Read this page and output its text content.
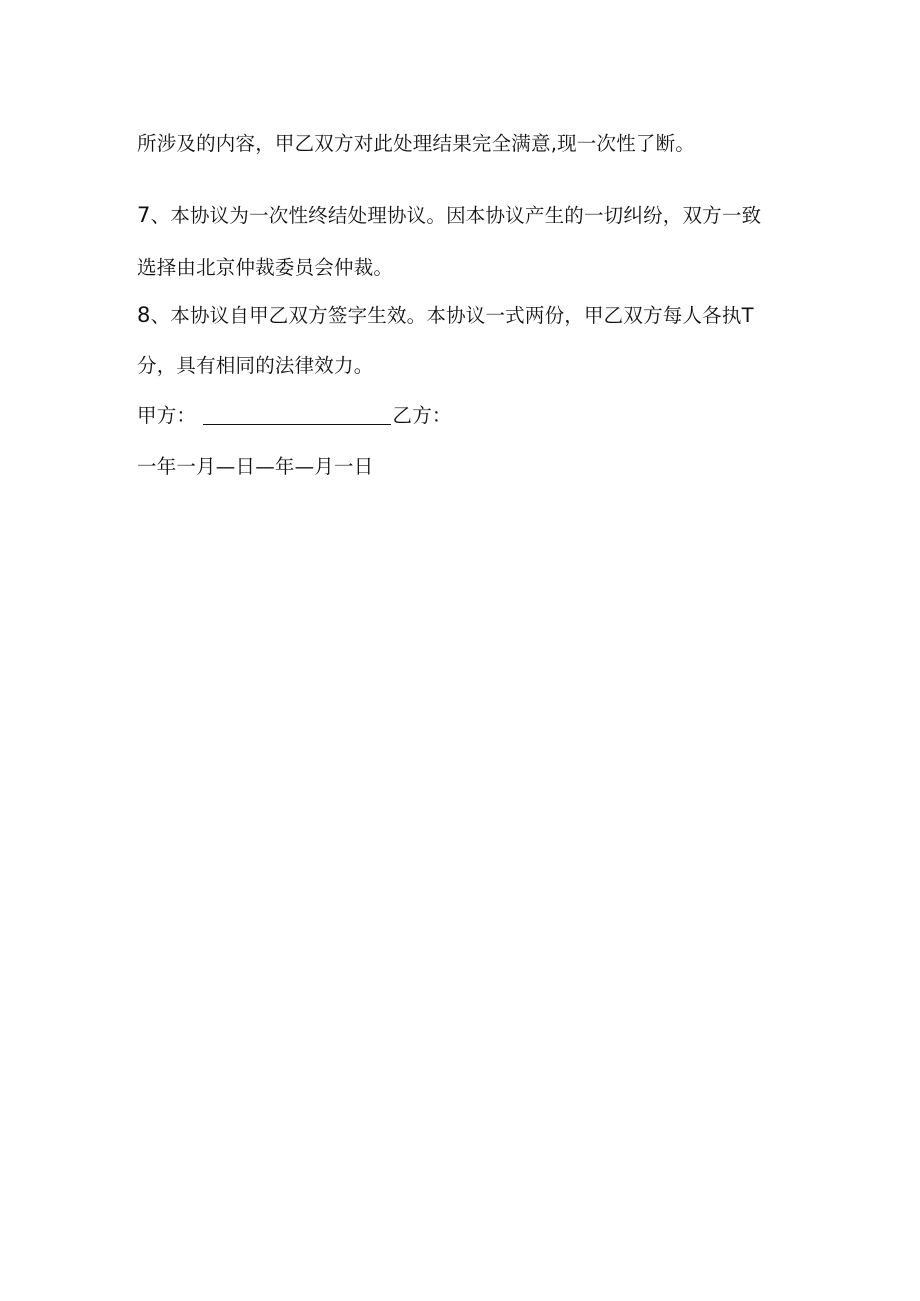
所涉及的内容，甲乙双方对此处理结果完全满意,现一次性了断。
7、本协议为一次性终结处理协议。因本协议产生的一切纠纷，双方一致
选择由北京仲裁委员会仲裁。
8、本协议自甲乙双方签字生效。本协议一式两份，甲乙双方每人各执T
分，具有相同的法律效力。
甲方：	乙方：
一年一月—日—年—月一日
